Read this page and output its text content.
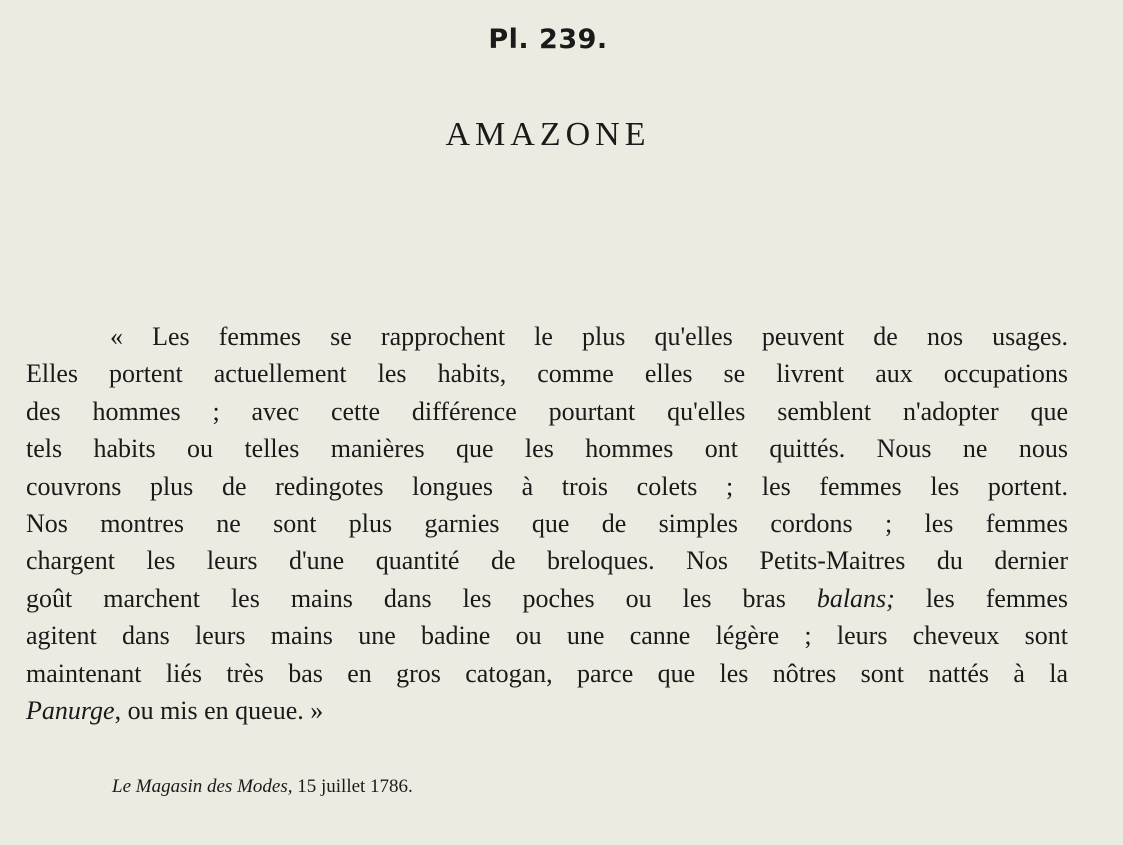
Pl. 239.
AMAZONE
« Les femmes se rapprochent le plus qu'elles peuvent de nos usages.
Elles portent actuellement les habits, comme elles se livrent aux occupations
des hommes ; avec cette différence pourtant qu'elles semblent n'adopter que
tels habits ou telles manières que les hommes ont quittés. Nous ne nous
couvrons plus de redingotes longues à trois colets ; les femmes les portent.
Nos montres ne sont plus garnies que de simples cordons ; les femmes
chargent les leurs d'une quantité de breloques. Nos Petits-Maitres du dernier
goût marchent les mains dans les poches ou les bras balans; les femmes
agitent dans leurs mains une badine ou une canne légère ; leurs cheveux sont
maintenant liés très bas en gros catogan, parce que les nôtres sont nattés à la
Panurge, ou mis en queue. »
Le Magasin des Modes, 15 juillet 1786.
